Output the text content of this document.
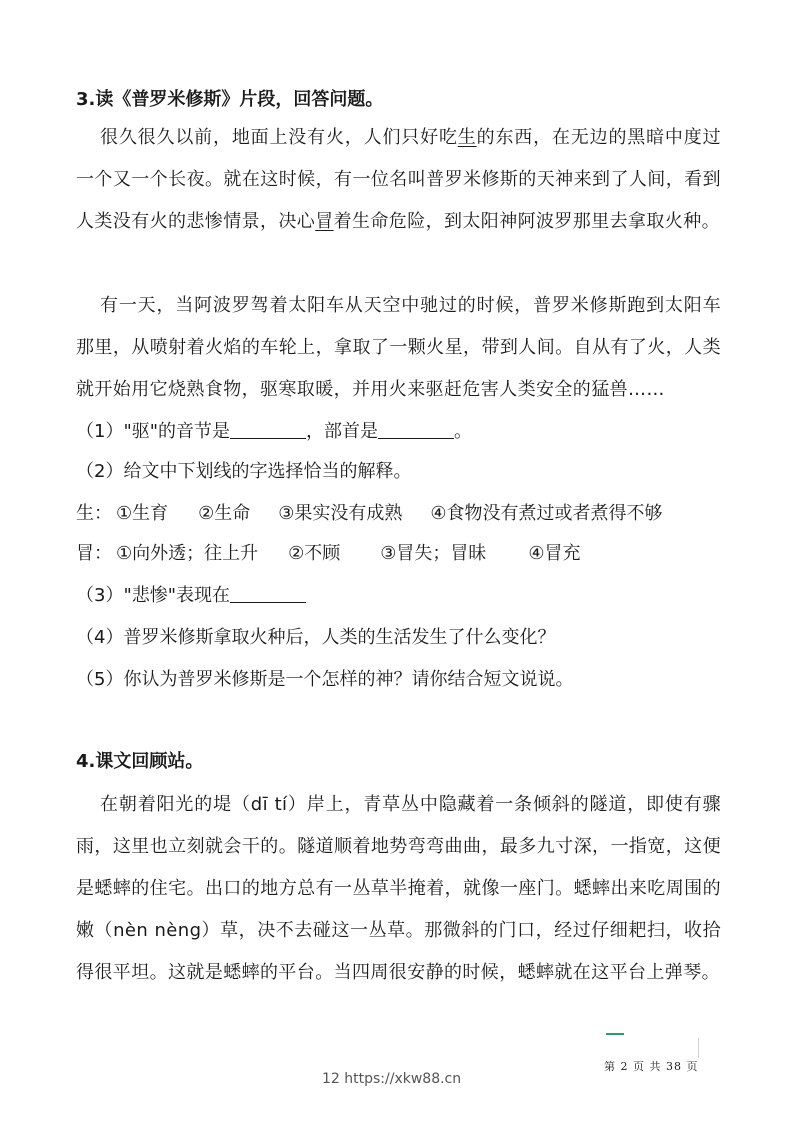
3.读《普罗米修斯》片段，回答问题。
很久很久以前，地面上没有火，人们只好吃生的东西，在无边的黑暗中度过一个又一个长夜。就在这时候，有一位名叫普罗米修斯的天神来到了人间，看到人类没有火的悲惨情景，决心冒着生命危险，到太阳神阿波罗那里去拿取火种。
有一天，当阿波罗驾着太阳车从天空中驰过的时候，普罗米修斯跑到太阳车那里，从喷射着火焰的车轮上，拿取了一颗火星，带到人间。自从有了火，人类就开始用它烧熟食物，驱寒取暖，并用火来驱赶危害人类安全的猛兽……
（1）"驱"的音节是	，部首是	。
（2）给文中下划线的字选择恰当的解释。
生： ①生育 ②生命 ③果实没有成熟 ④食物没有煮过或者煮得不够
冒： ①向外透；往上升 ②不顾 ③冒失；冒昧 ④冒充
（3）"悲惨"表现在
（4）普罗米修斯拿取火种后，人类的生活发生了什么变化？
（5）你认为普罗米修斯是一个怎样的神？请你结合短文说说。
4.课文回顾站。
在朝着阳光的堤（dī tí）岸上，青草丛中隐藏着一条倾斜的隧道，即使有骤雨，这里也立刻就会干的。隧道顺着地势弯弯曲曲，最多九寸深，一指宽，这便是蟋蟀的住宅。出口的地方总有一丛草半掩着，就像一座门。蟋蟀出来吃周围的嫩（nèn nèng）草，决不去碰这一丛草。那微斜的门口，经过仔细耙扫，收拾得很平坦。这就是蟋蟀的平台。当四周很安静的时候，蟋蟀就在这平台上弹琴。
第 2 页 共 38 页
12 https://xkw88.cn
